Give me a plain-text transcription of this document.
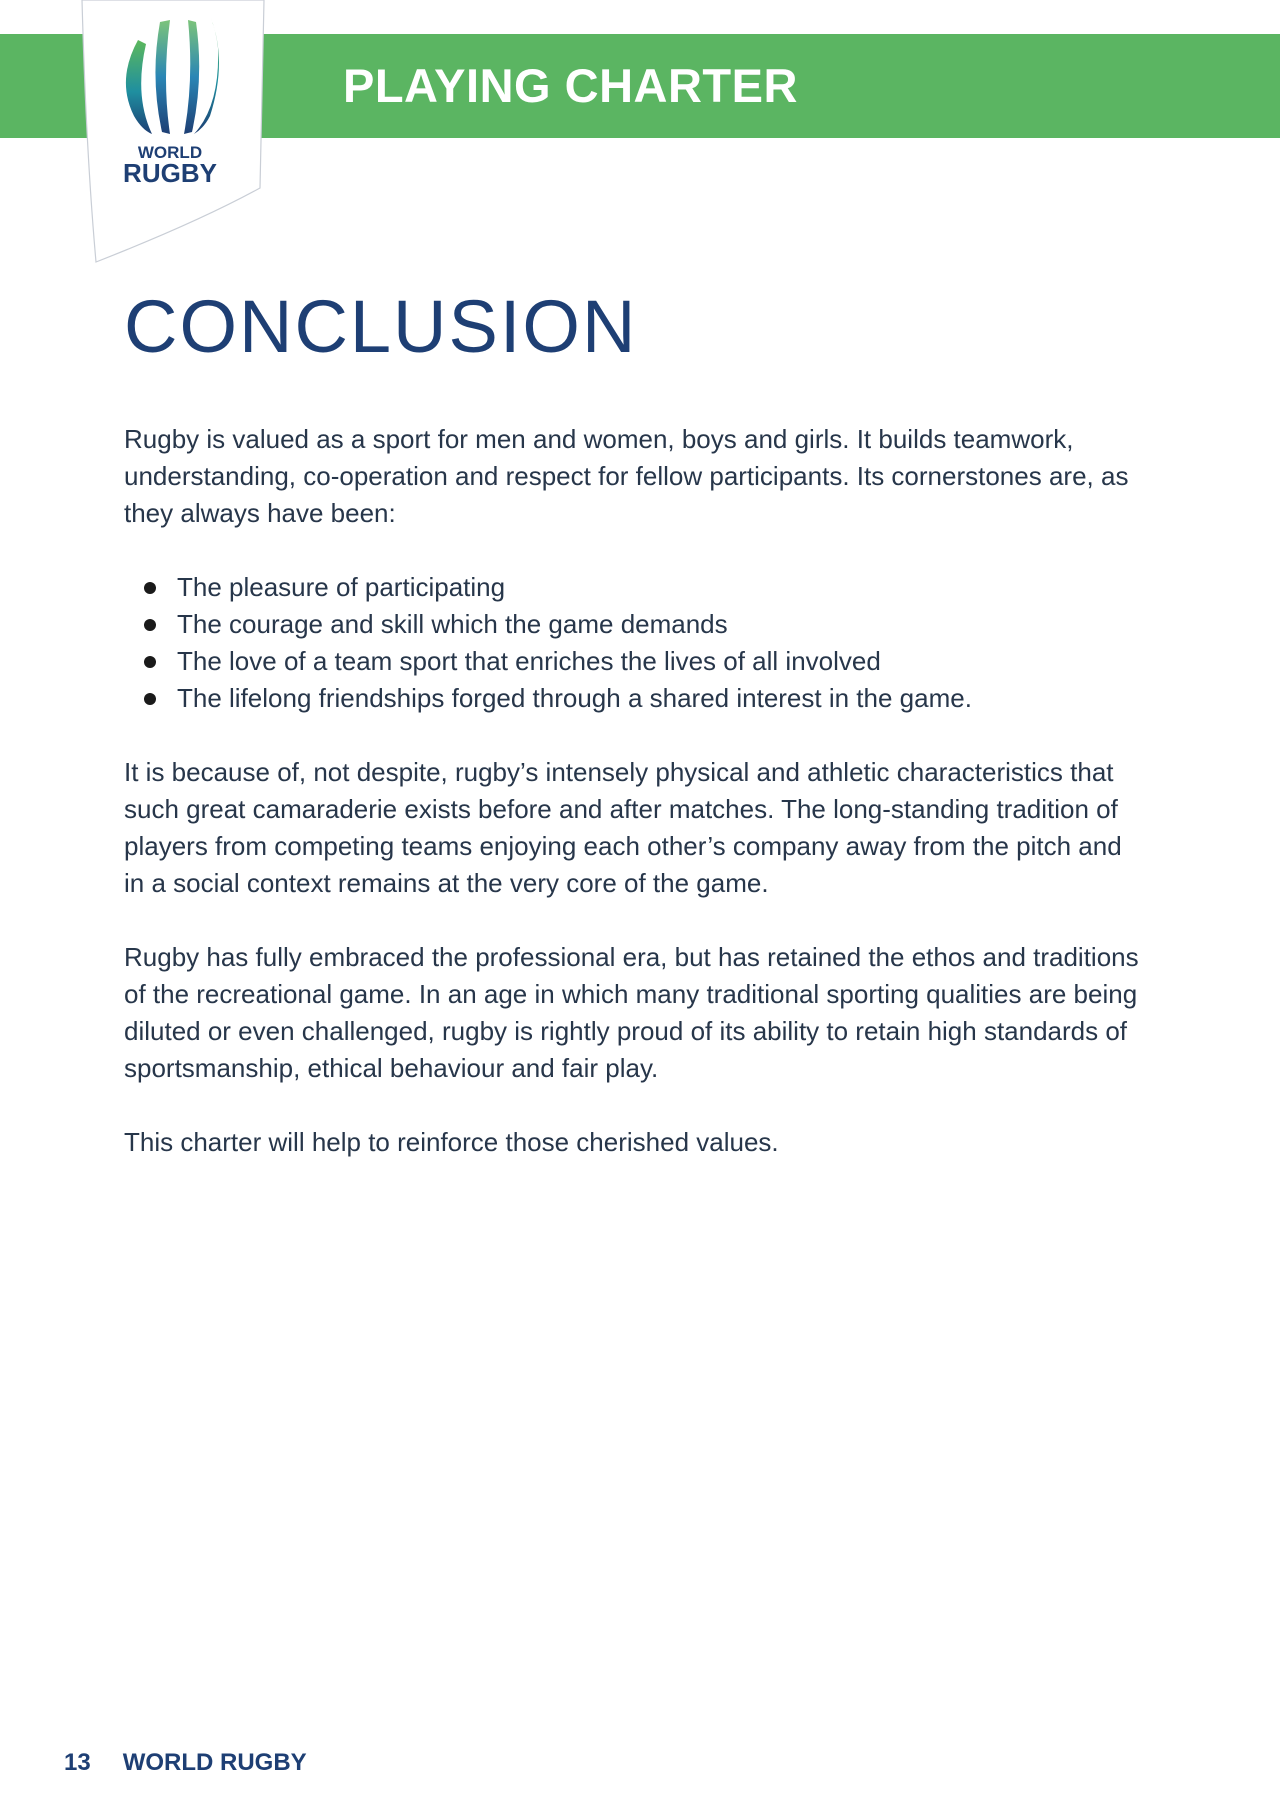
PLAYING CHARTER
WORLD
RUGBY
CONCLUSION

Rugby is valued as a sport for men and women, boys and girls. It builds teamwork, understanding, co-operation and respect for fellow participants. Its cornerstones are, as they always have been:

The pleasure of participating
The courage and skill which the game demands
The love of a team sport that enriches the lives of all involved
The lifelong friendships forged through a shared interest in the game.

It is because of, not despite, rugby’s intensely physical and athletic characteristics that such great camaraderie exists before and after matches. The long-standing tradition of players from competing teams enjoying each other’s company away from the pitch and in a social context remains at the very core of the game.

Rugby has fully embraced the professional era, but has retained the ethos and traditions of the recreational game. In an age in which many traditional sporting qualities are being diluted or even challenged, rugby is rightly proud of its ability to retain high standards of sportsmanship, ethical behaviour and fair play.

This charter will help to reinforce those cherished values.

13 WORLD RUGBY
